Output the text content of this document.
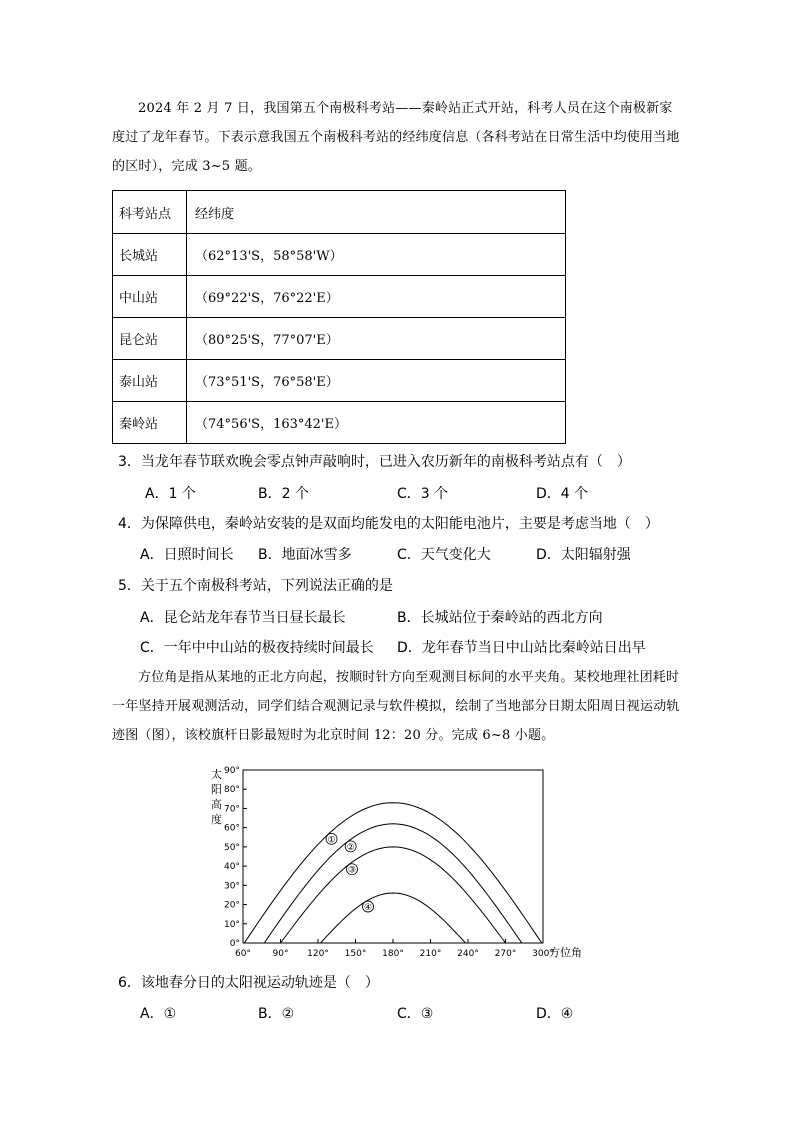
2024 年 2 月 7 日，我国第五个南极科考站——秦岭站正式开站，科考人员在这个南极新家度过了龙年春节。下表示意我国五个南极科考站的经纬度信息（各科考站在日常生活中均使用当地的区时），完成 3~5 题。
科考站点	经纬度
长城站	（62°13'S，58°58'W）
中山站	（69°22'S，76°22'E）
昆仑站	（80°25'S，77°07'E）
泰山站	（73°51'S，76°58'E）
秦岭站	（74°56'S，163°42'E）
3．当龙年春节联欢晚会零点钟声敲响时，已进入农历新年的南极科考站点有（　）
A．1 个	B．2 个	C．3 个	D．4 个
4．为保障供电，秦岭站安装的是双面均能发电的太阳能电池片，主要是考虑当地（　）
A．日照时间长 B．地面冰雪多	C．天气变化大	D．太阳辐射强
5．关于五个南极科考站，下列说法正确的是
A．昆仑站龙年春节当日昼长最长	B．长城站位于秦岭站的西北方向
C．一年中中山站的极夜持续时间最长 D．龙年春节当日中山站比秦岭站日出早
方位角是指从某地的正北方向起，按顺时针方向至观测目标间的水平夹角。某校地理社团耗时一年坚持开展观测活动，同学们结合观测记录与软件模拟，绘制了当地部分日期太阳周日视运动轨迹图（图），该校旗杆日影最短时为北京时间 12：20 分。完成 6~8 小题。
太
阳
高
度
0°
10°
20°
30°
40°
50°
60°
70°
80°
90°
60° 90° 120° 150° 180° 210° 240° 270° 300°
①
②
③
④
方位角
6．该地春分日的太阳视运动轨迹是（　）
A．①	B．②	C．③	D．④
